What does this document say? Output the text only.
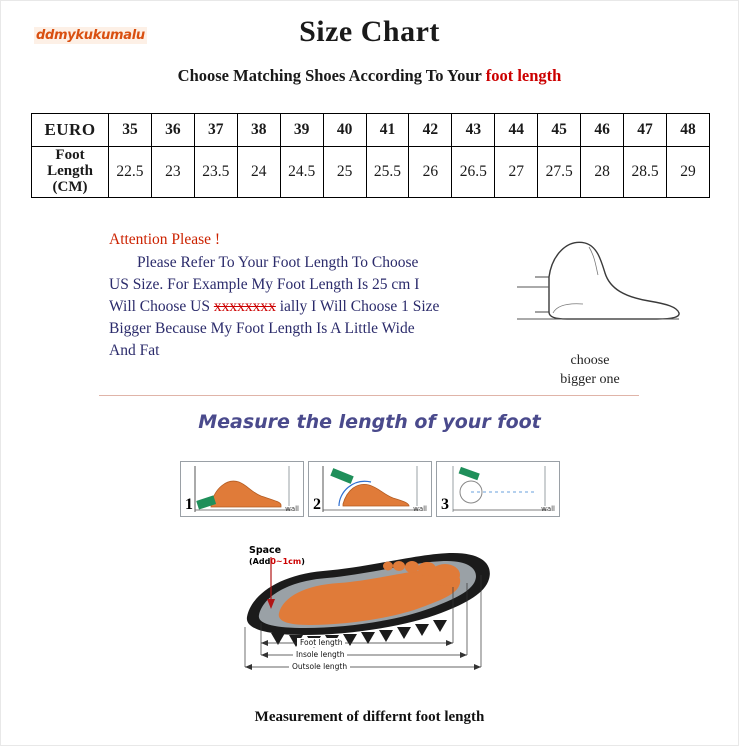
ddmykukumalu	Size Chart
Choose Matching Shoes According To Your foot length
EURO	35	36	37	38	39	40	41	42	43	44	45	46	47	48

Foot
Length
(CM)	22.5	23	23.5	24	24.5	25	25.5	26	26.5	27	27.5	28	28.5	29

Attention Please !

Please Refer To Your Foot Length To Choose

US Size. For Example My Foot Length Is 25 cm I

Will Choose US xxxxxxxx ially I Will Choose 1 Size

Bigger Because My Foot Length Is A Little Wide

And Fat

choose
bigger one
Measure the length of your foot
1	wall 2	wall 3	wall
Space
(Add0~1cm)
Foot length
Insole length
Outsole length
Measurement of differnt foot length
